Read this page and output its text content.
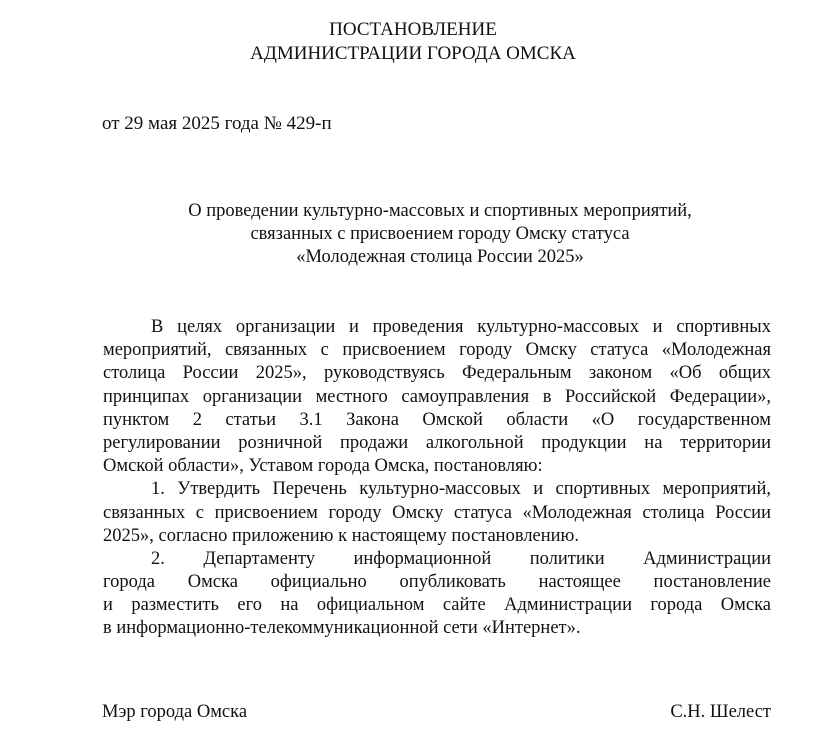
ПОСТАНОВЛЕНИЕ
АДМИНИСТРАЦИИ ГОРОДА ОМСКА
от 29 мая 2025 года № 429-п
О проведении культурно-массовых и спортивных мероприятий,
связанных с присвоением городу Омску статуса
«Молодежная столица России 2025»
В целях организации и проведения культурно-массовых и спортивных
мероприятий, связанных с присвоением городу Омску статуса «Молодежная
столица России 2025», руководствуясь Федеральным законом «Об общих
принципах организации местного самоуправления в Российской Федерации»,
пунктом 2 статьи 3.1 Закона Омской области «О государственном
регулировании розничной продажи алкогольной продукции на территории
Омской области», Уставом города Омска, постановляю:
1. Утвердить Перечень культурно-массовых и спортивных мероприятий,
связанных с присвоением городу Омску статуса «Молодежная столица России
2025», согласно приложению к настоящему постановлению.
2. Департаменту информационной политики Администрации
города Омска официально опубликовать настоящее постановление
и разместить его на официальном сайте Администрации города Омска
в информационно-телекоммуникационной сети «Интернет».
Мэр города Омска	С.Н. Шелест
